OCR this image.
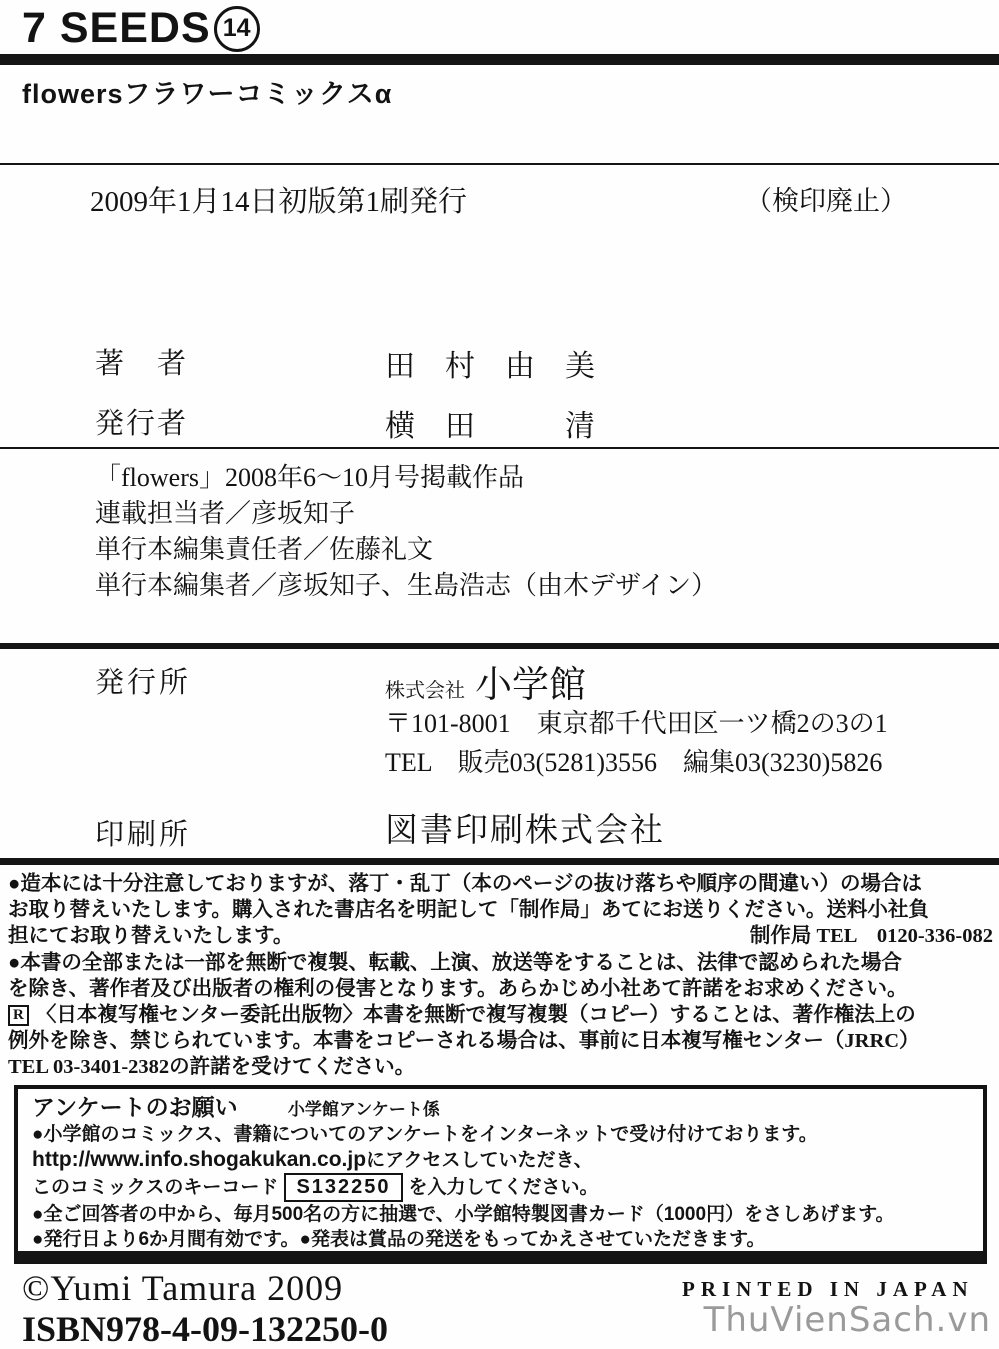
7 SEEDS 14
flowersフラワーコミックスα
2009年1月14日初版第1刷発行	（検印廃止）
著　者	田　村　由　美
発行者	横　田　　　清
「flowers」2008年6〜10月号掲載作品
連載担当者／彦坂知子
単行本編集責任者／佐藤礼文
単行本編集者／彦坂知子、生島浩志（由木デザイン）
発行所	株式会社 小学館
〒101-8001　東京都千代田区一ツ橋2の3の1
TEL　販売03(5281)3556　編集03(3230)5826
印刷所	図書印刷株式会社
●造本には十分注意しておりますが、落丁・乱丁（本のページの抜け落ちや順序の間違い）の場合は
お取り替えいたします。購入された書店名を明記して「制作局」あてにお送りください。送料小社負
担にてお取り替えいたします。	制作局 TEL　0120-336-082
●本書の全部または一部を無断で複製、転載、上演、放送等をすることは、法律で認められた場合
を除き、著作者及び出版者の権利の侵害となります。あらかじめ小社あて許諾をお求めください。
R 〈日本複写権センター委託出版物〉本書を無断で複写複製（コピー）することは、著作権法上の
例外を除き、禁じられています。本書をコピーされる場合は、事前に日本複写権センター（JRRC）
TEL 03-3401-2382の許諾を受けてください。
アンケートのお願い	小学館アンケート係
●小学館のコミックス、書籍についてのアンケートをインターネットで受け付けております。
http://www.info.shogakukan.co.jpにアクセスしていただき、
このコミックスのキーコード S132250 を入力してください。
●全ご回答者の中から、毎月500名の方に抽選で、小学館特製図書カード（1000円）をさしあげます。
●発行日より6か月間有効です。●発表は賞品の発送をもってかえさせていただきます。
©Yumi Tamura 2009
ISBN978-4-09-132250-0
PRINTED IN JAPAN
ThuVienSach.vn
